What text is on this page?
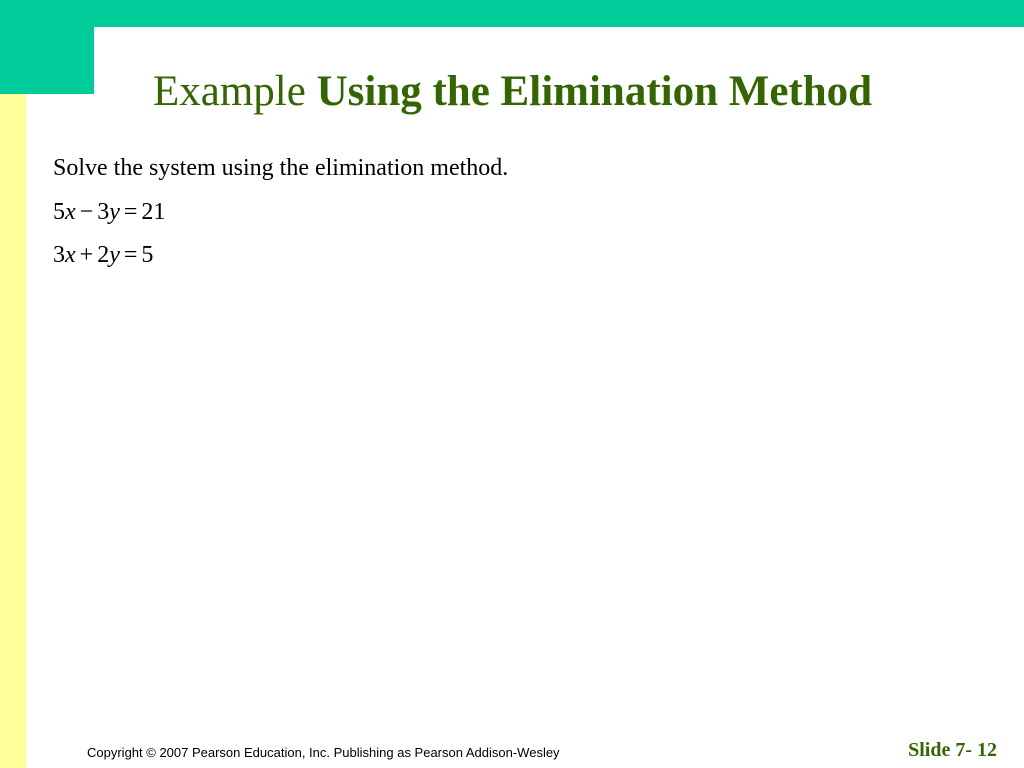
Example Using the Elimination Method
Solve the system using the elimination method.
5x − 3y = 21
3x + 2y = 5
Copyright © 2007 Pearson Education, Inc. Publishing as Pearson Addison-Wesley	Slide 7- 12
